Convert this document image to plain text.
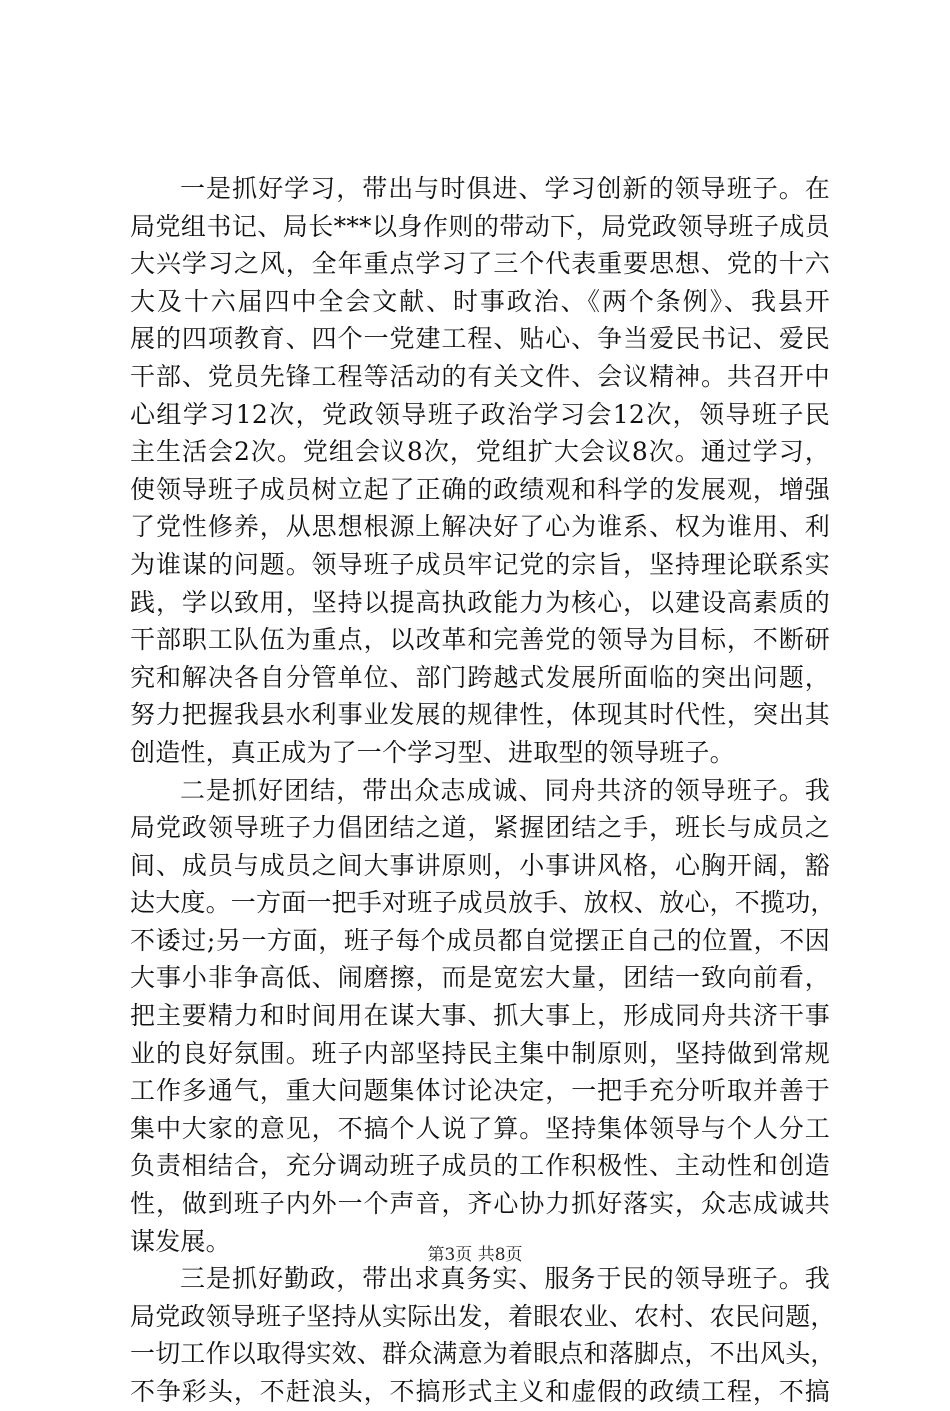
一是抓好学习，带出与时俱进、学习创新的领导班子。在
局党组书记、局长***以身作则的带动下，局党政领导班子成员
大兴学习之风，全年重点学习了三个代表重要思想、党的十六
大及十六届四中全会文献、时事政治、《两个条例》、我县开
展的四项教育、四个一党建工程、贴心、争当爱民书记、爱民
干部、党员先锋工程等活动的有关文件、会议精神。共召开中
心组学习12次，党政领导班子政治学习会12次，领导班子民
主生活会2次。党组会议8次，党组扩大会议8次。通过学习，
使领导班子成员树立起了正确的政绩观和科学的发展观，增强
了党性修养，从思想根源上解决好了心为谁系、权为谁用、利
为谁谋的问题。领导班子成员牢记党的宗旨，坚持理论联系实
践，学以致用，坚持以提高执政能力为核心，以建设高素质的
干部职工队伍为重点，以改革和完善党的领导为目标，不断研
究和解决各自分管单位、部门跨越式发展所面临的突出问题，
努力把握我县水利事业发展的规律性，体现其时代性，突出其
创造性，真正成为了一个学习型、进取型的领导班子。
二是抓好团结，带出众志成诚、同舟共济的领导班子。我
局党政领导班子力倡团结之道，紧握团结之手，班长与成员之
间、成员与成员之间大事讲原则，小事讲风格，心胸开阔，豁
达大度。一方面一把手对班子成员放手、放权、放心，不揽功，
不诿过;另一方面，班子每个成员都自觉摆正自己的位置，不因
大事小非争高低、闹磨擦，而是宽宏大量，团结一致向前看，
把主要精力和时间用在谋大事、抓大事上，形成同舟共济干事
业的良好氛围。班子内部坚持民主集中制原则，坚持做到常规
工作多通气，重大问题集体讨论决定，一把手充分听取并善于
集中大家的意见，不搞个人说了算。坚持集体领导与个人分工
负责相结合，充分调动班子成员的工作积极性、主动性和创造
性，做到班子内外一个声音，齐心协力抓好落实，众志成诚共
谋发展。
三是抓好勤政，带出求真务实、服务于民的领导班子。我
局党政领导班子坚持从实际出发，着眼农业、农村、农民问题，
一切工作以取得实效、群众满意为着眼点和落脚点，不出风头，
不争彩头，不赶浪头，不搞形式主义和虚假的政绩工程，不搞
第3页 共8页
